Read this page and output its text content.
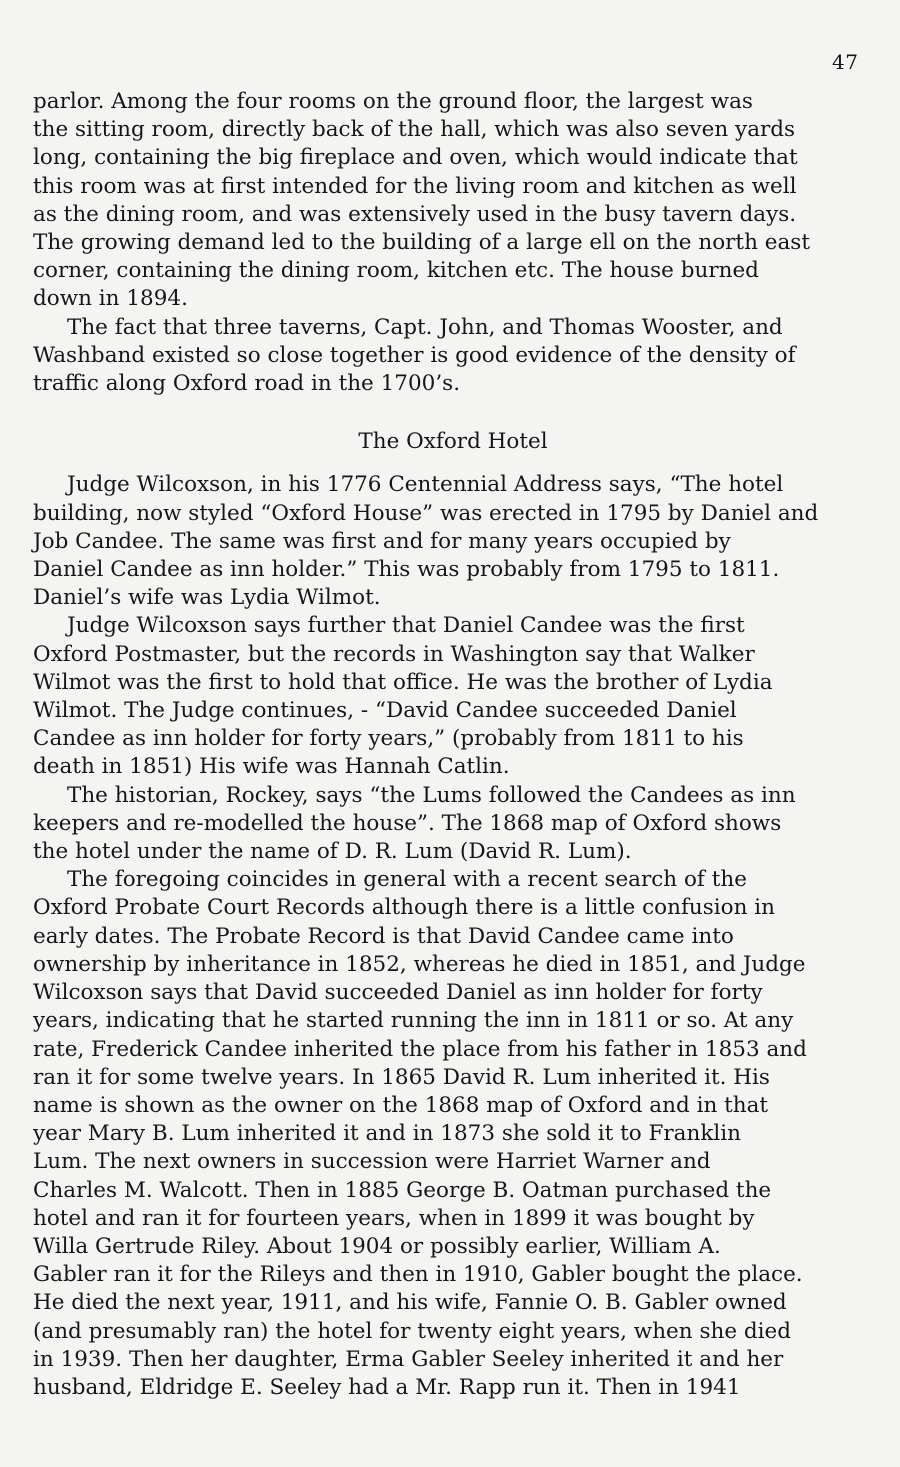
47
parlor. Among the four rooms on the ground floor, the largest was
the sitting room, directly back of the hall, which was also seven yards
long, containing the big fireplace and oven, which would indicate that
this room was at first intended for the living room and kitchen as well
as the dining room, and was extensively used in the busy tavern days.
The growing demand led to the building of a large ell on the north east
corner, containing the dining room, kitchen etc. The house burned
down in 1894.
The fact that three taverns, Capt. John, and Thomas Wooster, and
Washband existed so close together is good evidence of the density of
traffic along Oxford road in the 1700’s.
The Oxford Hotel
Judge Wilcoxson, in his 1776 Centennial Address says, “The hotel
building, now styled “Oxford House” was erected in 1795 by Daniel and
Job Candee. The same was first and for many years occupied by
Daniel Candee as inn holder.” This was probably from 1795 to 1811.
Daniel’s wife was Lydia Wilmot.
Judge Wilcoxson says further that Daniel Candee was the first
Oxford Postmaster, but the records in Washington say that Walker
Wilmot was the first to hold that office. He was the brother of Lydia
Wilmot. The Judge continues, - “David Candee succeeded Daniel
Candee as inn holder for forty years,” (probably from 1811 to his
death in 1851) His wife was Hannah Catlin.
The historian, Rockey, says “the Lums followed the Candees as inn
keepers and re-modelled the house”. The 1868 map of Oxford shows
the hotel under the name of D. R. Lum (David R. Lum).
The foregoing coincides in general with a recent search of the
Oxford Probate Court Records although there is a little confusion in
early dates. The Probate Record is that David Candee came into
ownership by inheritance in 1852, whereas he died in 1851, and Judge
Wilcoxson says that David succeeded Daniel as inn holder for forty
years, indicating that he started running the inn in 1811 or so. At any
rate, Frederick Candee inherited the place from his father in 1853 and
ran it for some twelve years. In 1865 David R. Lum inherited it. His
name is shown as the owner on the 1868 map of Oxford and in that
year Mary B. Lum inherited it and in 1873 she sold it to Franklin
Lum. The next owners in succession were Harriet Warner and
Charles M. Walcott. Then in 1885 George B. Oatman purchased the
hotel and ran it for fourteen years, when in 1899 it was bought by
Willa Gertrude Riley. About 1904 or possibly earlier, William A.
Gabler ran it for the Rileys and then in 1910, Gabler bought the place.
He died the next year, 1911, and his wife, Fannie O. B. Gabler owned
(and presumably ran) the hotel for twenty eight years, when she died
in 1939. Then her daughter, Erma Gabler Seeley inherited it and her
husband, Eldridge E. Seeley had a Mr. Rapp run it. Then in 1941
